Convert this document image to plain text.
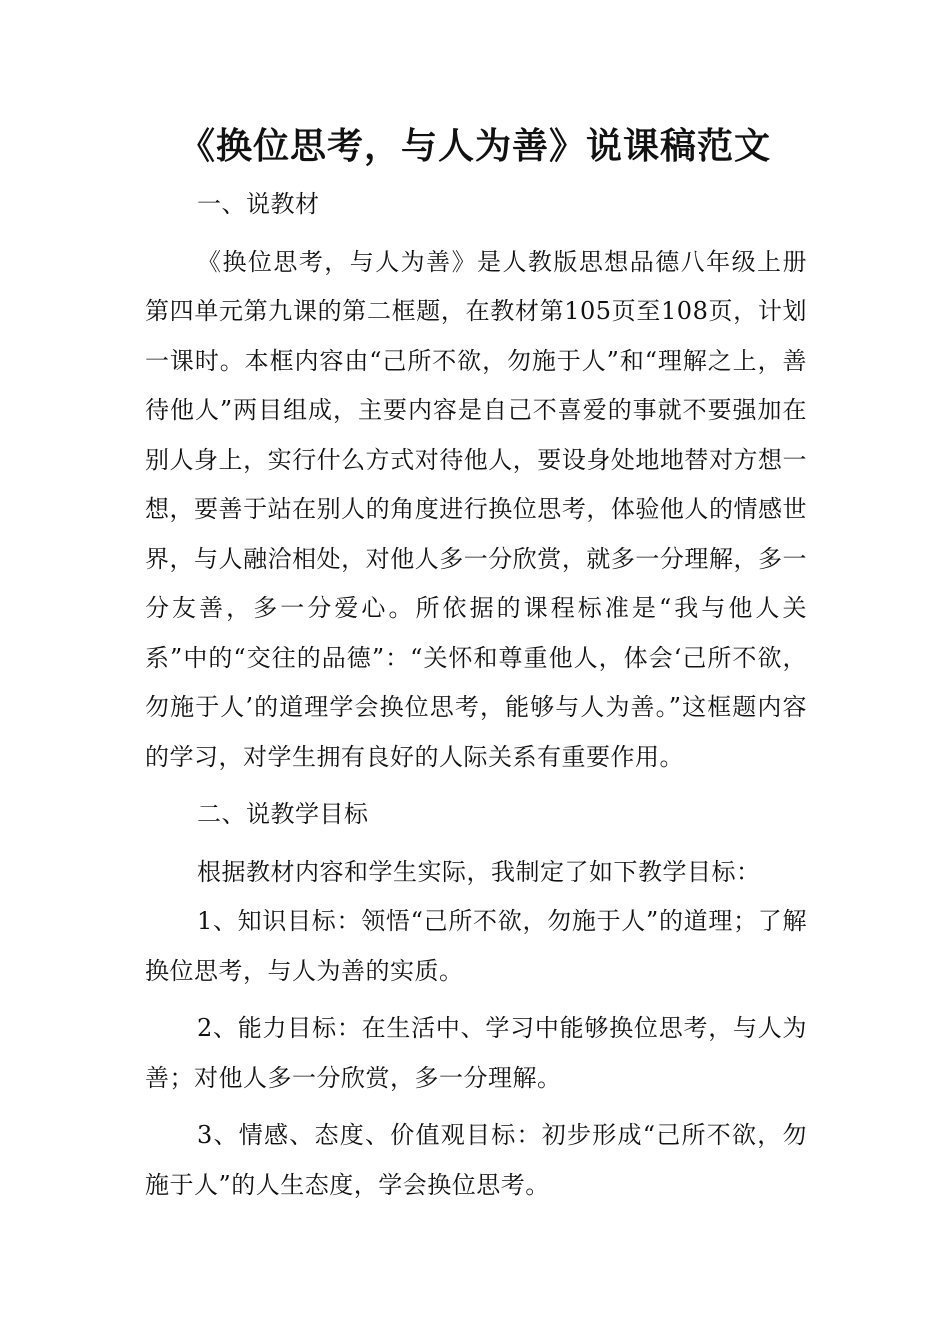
《换位思考，与人为善》说课稿范文

一、说教材

《换位思考，与人为善》是人教版思想品德八年级上册第四单元第九课的第二框题，在教材第105页至108页，计划一课时。本框内容由“己所不欲，勿施于人”和“理解之上，善待他人”两目组成，主要内容是自己不喜爱的事就不要强加在别人身上，实行什么方式对待他人，要设身处地地替对方想一想，要善于站在别人的角度进行换位思考，体验他人的情感世界，与人融洽相处，对他人多一分欣赏，就多一分理解，多一分友善，多一分爱心。所依据的课程标准是“我与他人关系”中的“交往的品德”：“关怀和尊重他人，体会‘己所不欲，勿施于人’的道理学会换位思考，能够与人为善。”这框题内容的学习，对学生拥有良好的人际关系有重要作用。

二、说教学目标

根据教材内容和学生实际，我制定了如下教学目标：

1、知识目标：领悟“己所不欲，勿施于人”的道理；了解换位思考，与人为善的实质。

2、能力目标：在生活中、学习中能够换位思考，与人为善；对他人多一分欣赏，多一分理解。

3、情感、态度、价值观目标：初步形成“己所不欲，勿施于人”的人生态度，学会换位思考。
